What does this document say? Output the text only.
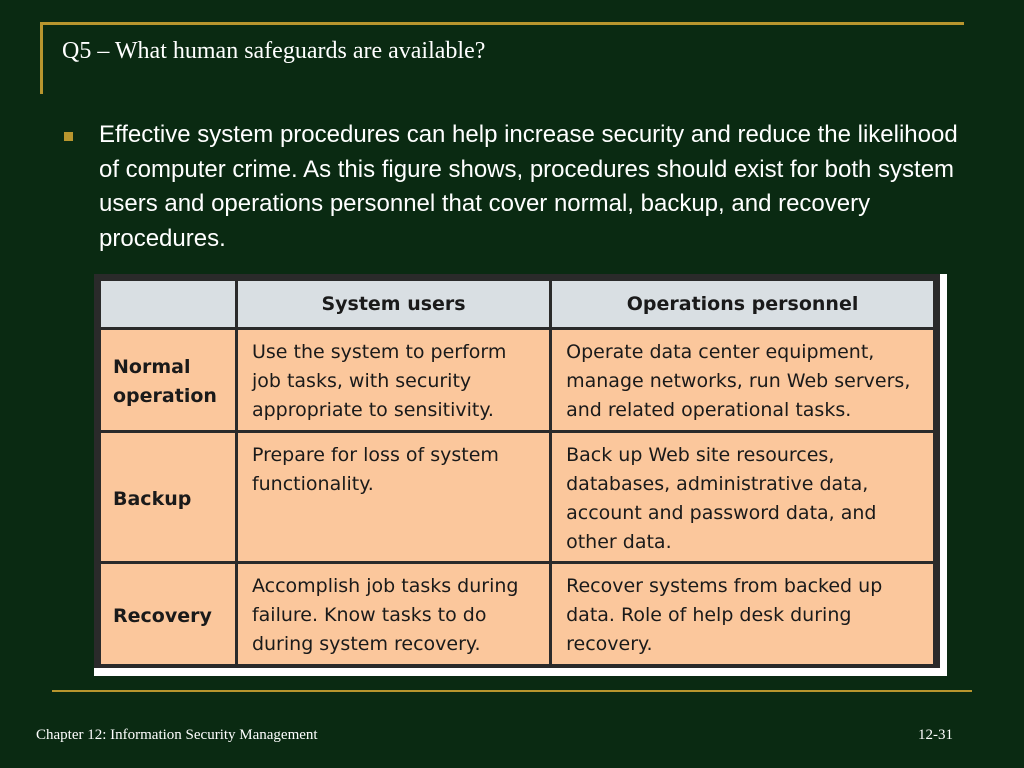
Q5 – What human safeguards are available?
Effective system procedures can help increase security and reduce the likelihood of computer crime. As this figure shows, procedures should exist for both system users and operations personnel that cover normal, backup, and recovery procedures.
	System users	Operations personnel
Normal operation	Use the system to perform job tasks, with security appropriate to sensitivity.	Operate data center equipment, manage networks, run Web servers, and related operational tasks.
Backup	Prepare for loss of system functionality.	Back up Web site resources, databases, administrative data, account and password data, and other data.
Recovery	Accomplish job tasks during failure. Know tasks to do during system recovery.	Recover systems from backed up data. Role of help desk during recovery.
Chapter 12: Information Security Management	12-31
